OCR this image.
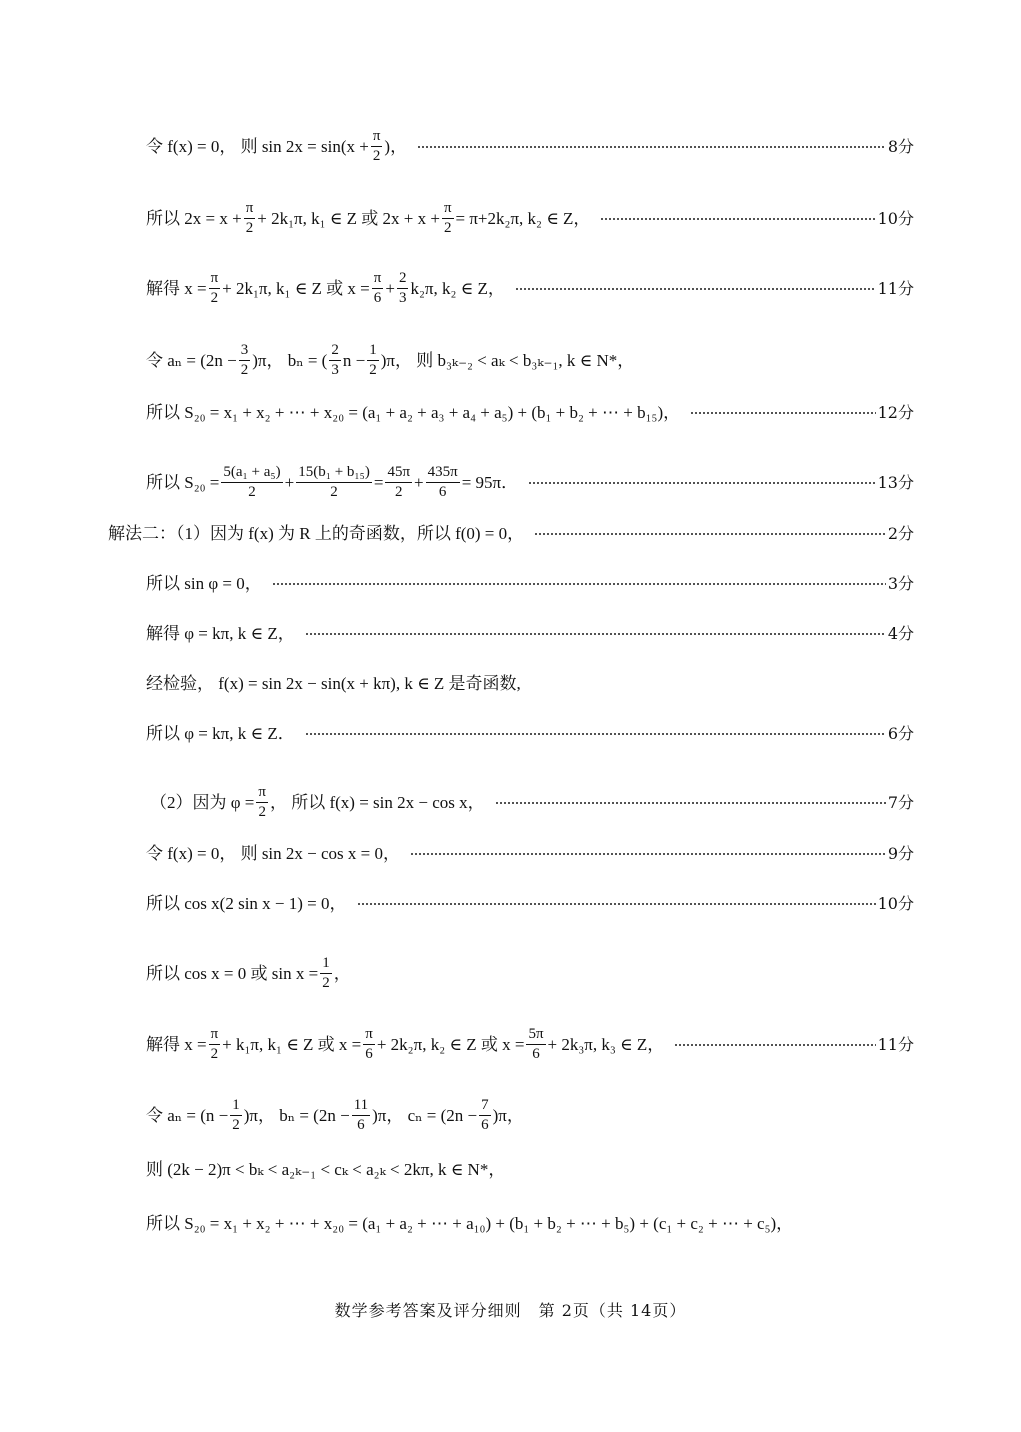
令 f(x) = 0， 则 $\sin 2x = \sin(x + \frac{\pi}{2}$ )，	8分
所以 $2x = x + \frac{\pi}{2} + 2k_1\pi$, k₁ ∈ Z 或 $2x + x + \frac{\pi}{2} = \pi+2k_2\pi$, k₂ ∈ Z，	10分
解得 $x = \frac{\pi}{2} + 2k_1\pi$, k₁ ∈ Z 或 $x = \frac{\pi}{6} + \frac{2}{3} k_2\pi$, k₂ ∈ Z，	11分
令 $a_n = (2n - \frac{3}{2} )\pi$， bₙ = ( $\frac{2}{3}$ $n - \frac{1}{2} )\pi$， 则 b₃ₖ₋₂ < aₖ < b₃ₖ₋₁, k ∈ N*，
所以 S₂₀ = x₁ + x₂ + ⋯ + x₂₀ = (a₁ + a₂ + a₃ + a₄ + a₅) + (b₁ + b₂ + ⋯ + b₁₅)，	12分
所以 $S_{20} = \frac{\text{5(a₁ + a₅)}}{2} + \frac{\text{15(b₁ + b₁₅)}}{2} = \frac{45\pi}{2} + \frac{435\pi}{6} = 95\pi$．	13分
解法二：（1）因为 f(x) 为 R 上的奇函数，所以 f(0) = 0，	2分
所以 sin φ = 0，	3分
解得 φ = kπ, k ∈ Z，	4分
经检验， f(x) = sin 2x − sin(x + kπ), k ∈ Z 是奇函数,
所以 φ = kπ, k ∈ Z．	6分
（2）因为 $\varphi = \frac{\pi}{2}$ ， 所以 f(x) = sin 2x − cos x，	7分
令 f(x) = 0， 则 sin 2x − cos x = 0，	9分
所以 cos x(2 sin x − 1) = 0，	10分
所以 cos x = 0 或 $\sin x = \frac{1}{2}$ ，
解得 $x = \frac{\pi}{2} + k_1\pi$, k₁ ∈ Z 或 $x = \frac{\pi}{6} + 2k_2\pi$, k₂ ∈ Z 或 $x = \frac{5\pi}{6} + 2k_3\pi$, k₃ ∈ Z，	11分
令 $a_n = (n - \frac{1}{2} )\pi$， $b_n = (2n - \frac{11}{6} )\pi$， $c_n = (2n - \frac{7}{6} )\pi$，
则 (2k − 2)π < bₖ < a₂ₖ₋₁ < cₖ < a₂ₖ < 2kπ, k ∈ N*，
所以 S₂₀ = x₁ + x₂ + ⋯ + x₂₀ = (a₁ + a₂ + ⋯ + a₁₀) + (b₁ + b₂ + ⋯ + b₅) + (c₁ + c₂ + ⋯ + c₅)，
数学参考答案及评分细则　第 2页（共 14页）
